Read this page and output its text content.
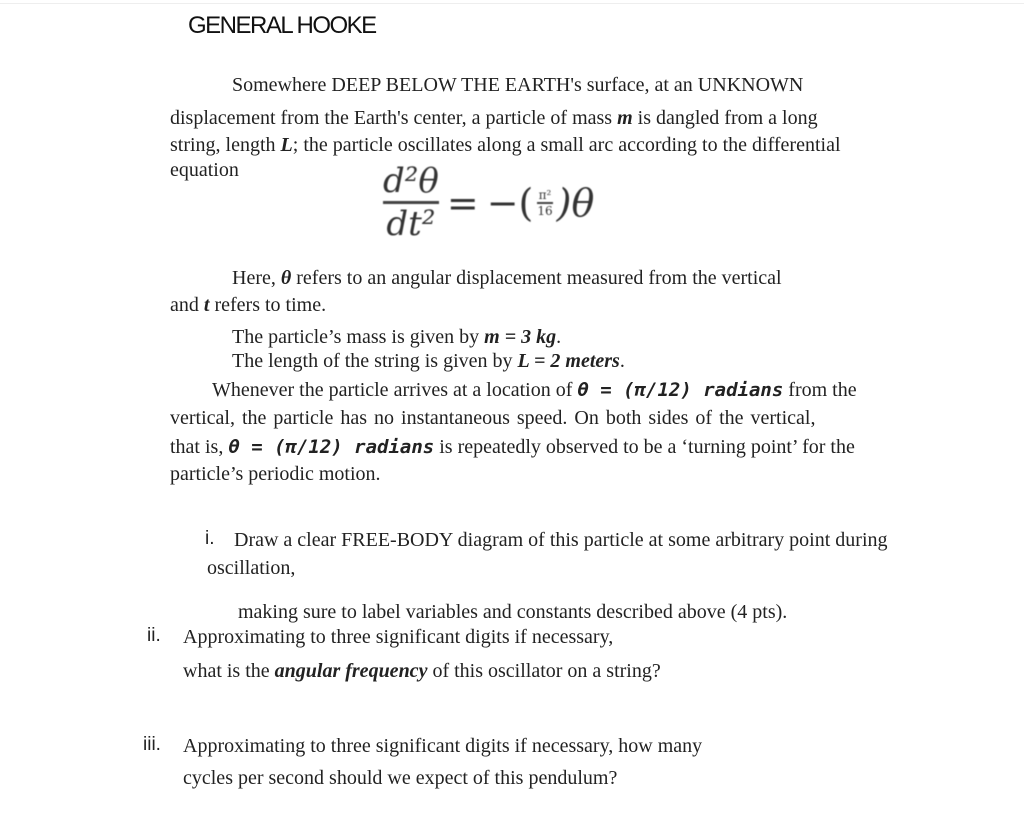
GENERAL HOOKE
Somewhere DEEP BELOW THE EARTH's surface, at an UNKNOWN
displacement from the Earth's center, a particle of mass m is dangled from a long
string, length L; the particle oscillates along a small arc according to the differential
equation	$\frac{\text{d²θ}}{\text{dt²}}$ = −( π²
16 )θ
Here, θ refers to an angular displacement measured from the vertical
and t refers to time.
The particle’s mass is given by m = 3 kg.
The length of the string is given by L = 2 meters.
Whenever the particle arrives at a location of θ = (π/12) radians from the
vertical, the particle has no instantaneous speed. On both sides of the vertical,
that is, θ = (π/12) radians is repeatedly observed to be a ‘turning point’ for the
particle’s periodic motion.
i. Draw a clear FREE-BODY diagram of this particle at some arbitrary point during
oscillation,
making sure to label variables and constants described above (4 pts).
ii. Approximating to three significant digits if necessary,
what is the angular frequency of this oscillator on a string?
iii. Approximating to three significant digits if necessary, how many
cycles per second should we expect of this pendulum?
